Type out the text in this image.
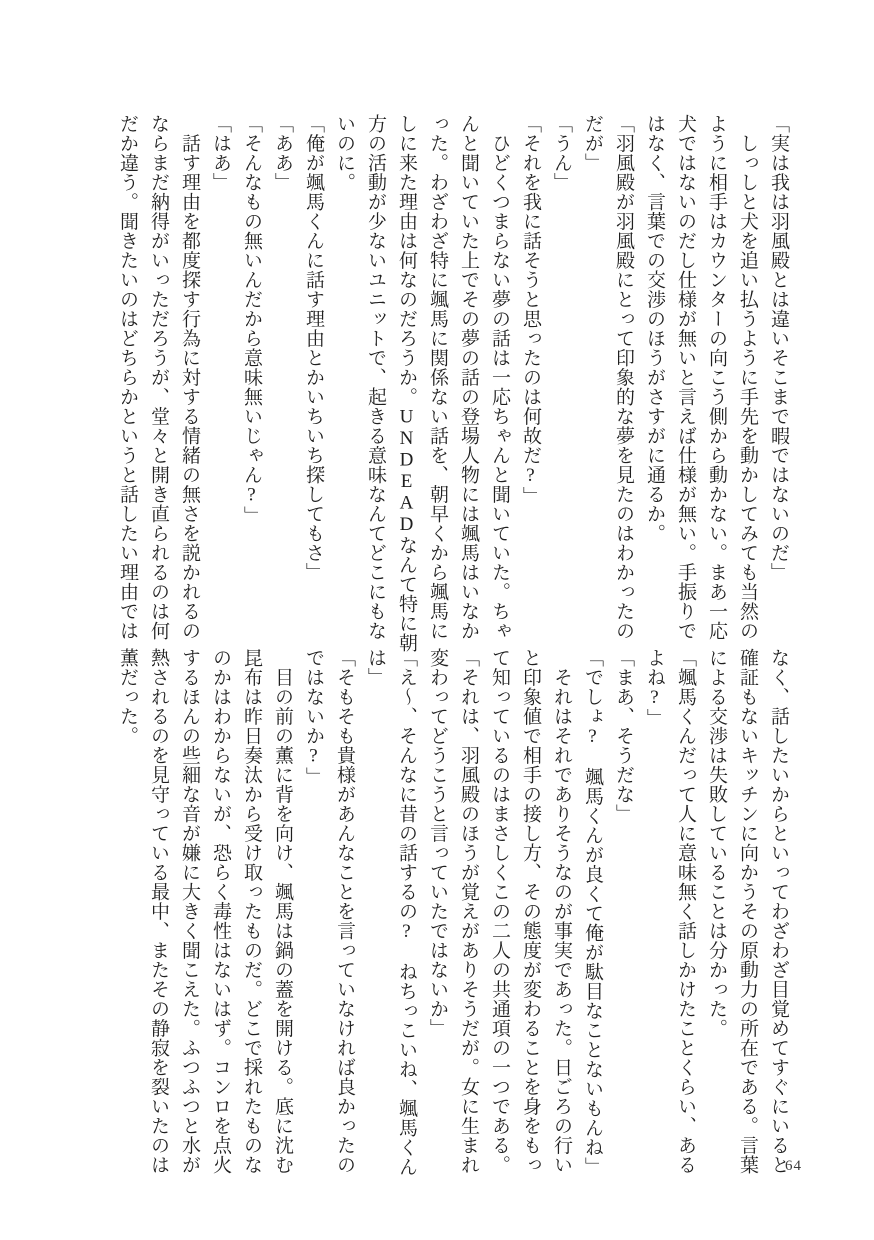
「実は我は羽風殿とは違いそこまで暇ではないのだ」

　しっしと犬を追い払うように手先を動かしてみても当然の

ように相手はカウンターの向こう側から動かない。まあ一応

犬ではないのだし仕様が無いと言えば仕様が無い。手振りで

はなく、言葉での交渉のほうがさすがに通るか。

「羽風殿が羽風殿にとって印象的な夢を見たのはわかったの

だが」

「うん」

「それを我に話そうと思ったのは何故だ?」

　ひどくつまらない夢の話は一応ちゃんと聞いていた。ちゃ

んと聞いていた上でその夢の話の登場人物には颯馬はいなか

った。わざわざ特に颯馬に関係ない話を、朝早くから颯馬に

しに来た理由は何なのだろうか。UNDEADなんて特に朝

方の活動が少ないユニットで、起きる意味なんてどこにもな

いのに。

「俺が颯馬くんに話す理由とかいちいち探してもさ」

「ああ」

「そんなもの無いんだから意味無いじゃん?」

「はあ」

　話す理由を都度探す行為に対する情緒の無さを説かれるの

ならまだ納得がいっただろうが、堂々と開き直られるのは何

だか違う。聞きたいのはどちらかというと話したい理由では

なく、話したいからといってわざわざ目覚めてすぐにいると

確証もないキッチンに向かうその原動力の所在である。言葉

による交渉は失敗していることは分かった。

「颯馬くんだって人に意味無く話しかけたことくらい、ある

よね?」

「まあ、そうだな」

「でしょ?　颯馬くんが良くて俺が駄目なことないもんね」

　それはそれでありそうなのが事実であった。日ごろの行い

と印象値で相手の接し方、その態度が変わることを身をもっ

て知っているのはまさしくこの二人の共通項の一つである。

「それは、羽風殿のほうが覚えがありそうだが。女に生まれ

変わってどうこうと言っていたではないか」

「え〜、そんなに昔の話するの?　ねちっこいね、颯馬くん

は」

「そもそも貴様があんなことを言っていなければ良かったの

ではないか?」

　目の前の薫に背を向け、颯馬は鍋の蓋を開ける。底に沈む

昆布は昨日奏汰から受け取ったものだ。どこで採れたものな

のかはわからないが、恐らく毒性はないはず。コンロを点火

するほんの些細な音が嫌に大きく聞こえた。ふつふつと水が

熱されるのを見守っている最中、またその静寂を裂いたのは

薫だった。

64
